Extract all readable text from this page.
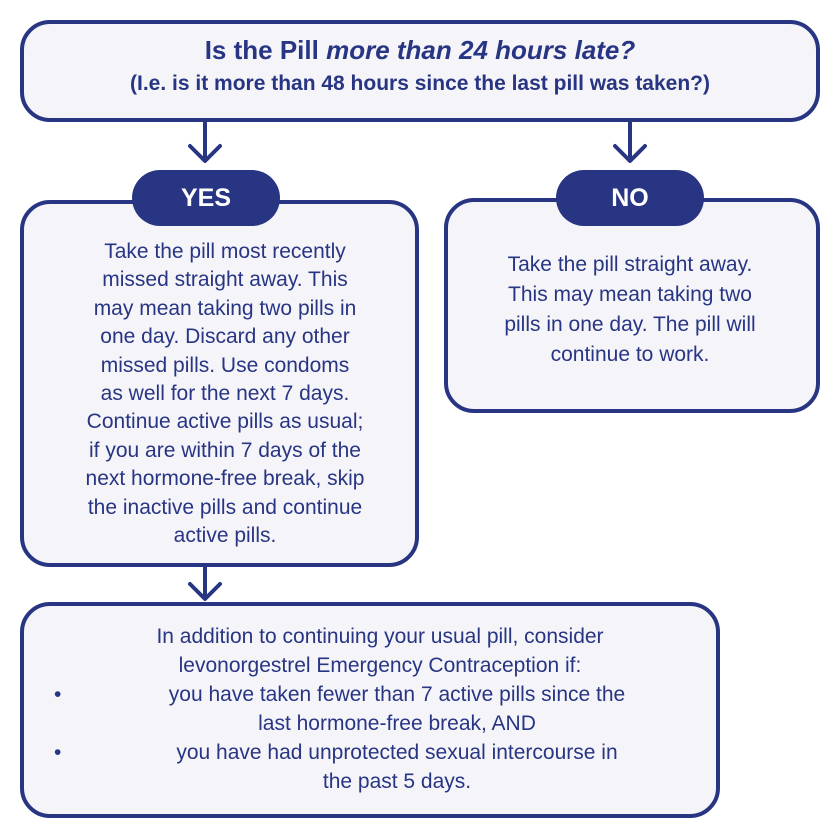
Is the Pill more than 24 hours late?

(I.e. is it more than 48 hours since the last pill was taken?)

YES
Take the pill most recently
missed straight away. This
may mean taking two pills in
one day. Discard any other
missed pills. Use condoms
as well for the next 7 days.
Continue active pills as usual;
if you are within 7 days of the
next hormone-free break, skip
the inactive pills and continue
active pills.
NO
Take the pill straight away.
This may mean taking two
pills in one day. The pill will
continue to work.

In addition to continuing your usual pill, consider
levonorgestrel Emergency Contraception if:

•	you have taken fewer than 7 active pills since the
last hormone-free break, AND
•	you have had unprotected sexual intercourse in
the past 5 days.
